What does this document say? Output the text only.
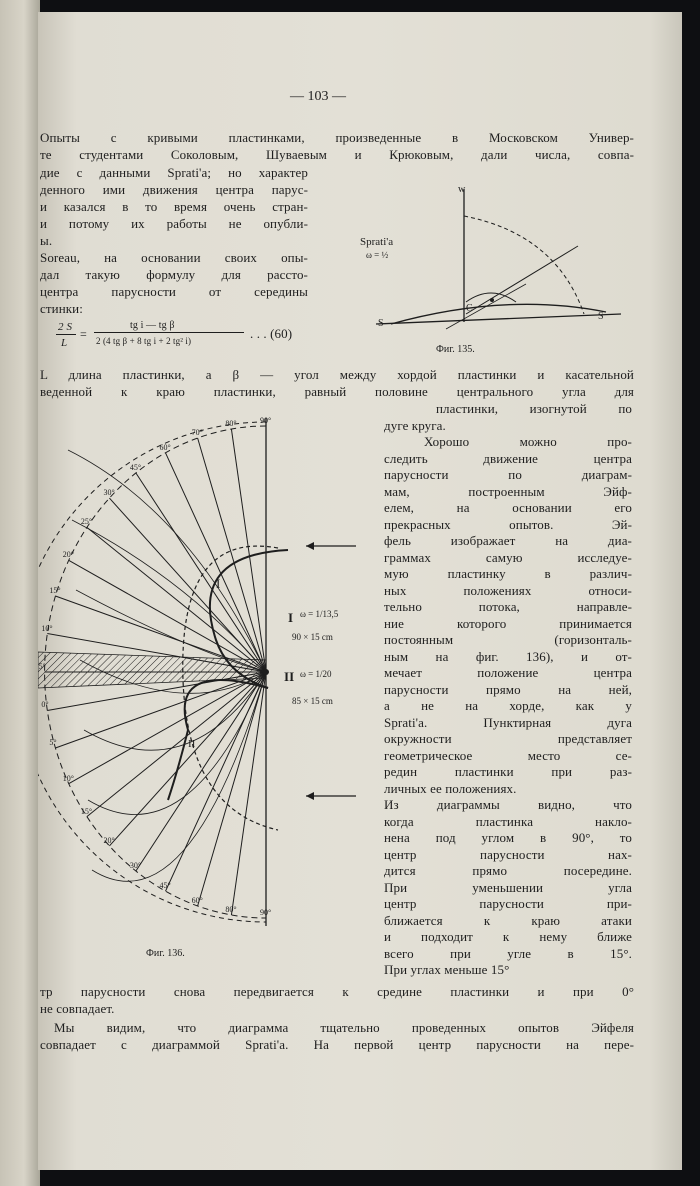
— 103 —
Опыты с кривыми пластинками, произведенные в Московском Универ-
те студентами Соколовым, Шуваевым и Крюковым, дали числа, совпа-
дие с данными Sprati'a; но характер
денного ими движения центра парус-
и казался в то время очень стран-
и потому их работы не опубли-
ы.
Soreau, на основании своих опы-
дал такую формулу для рассто-
центра парусности от середины
стинки:
2 S
L
=
tg i — tg β
2 (4 tg β + 8 tg i + 2 tg² i)	. . . (60)
L длина пластинки, а β — угол между хордой пластинки и касательной
веденной к краю пластинки, равный половине центрального угла для
пластинки, изогнутой по
дуге круга.
Хорошо можно про-
следить движение центра
парусности по диаграм-
мам, построенным Эйф-
елем, на основании его
прекрасных опытов. Эй-
фель изображает на диа-
граммах самую исследуе-
мую пластинку в различ-
ных положениях относи-
тельно потока, направле-
ние которого принимается
постоянным (горизонталь-
ным на фиг. 136), и от-
мечает положение центра
парусности прямо на ней,
а не на хорде, как у
Sprati'a. Пунктирная дуга
окружности представляет
геометрическое место се-
редин пластинки при раз-
личных ее положениях.
Из диаграммы видно, что
когда пластинка накло-
нена под углом в 90°, то
центр парусности нах-
дится прямо посередине.
При уменьшении угла
центр парусности при-
ближается к краю атаки
и подходит к нему ближе
всего при угле в 15°.
При углах меньше 15°
тр парусности снова передвигается к средине пластинки и при 0°
не совпадает.
Мы видим, что диаграмма тщательно проведенных опытов Эйфеля
совпадает с диаграммой Sprati'a. На первой центр парусности на пере-
w
C
S
S
Sprati'a
ω = ½
Фиг. 135.
90°
80°
70°
60°
45°
30°
25°
20°
15°
10°
5°
0°
5°
10°
15°
20°
30°
45°
60°
80°	90°
I
II
I ω = 1/13,5
90 × 15 cm
II ω = 1/20
85 × 15 cm
Фиг. 136.
